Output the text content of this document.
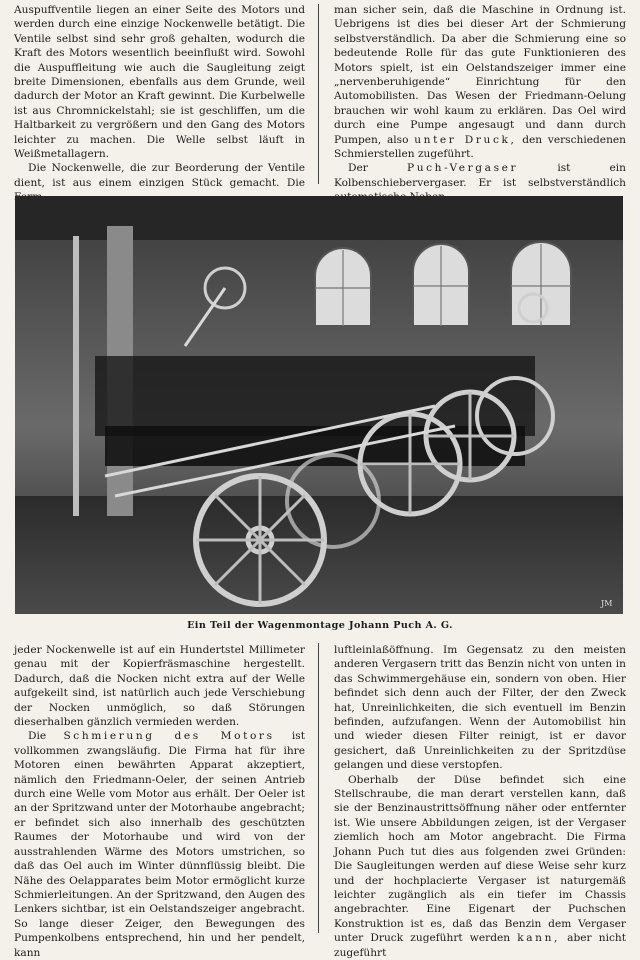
Auspuffventile liegen an einer Seite des Motors und werden durch eine einzige Nockenwelle betätigt. Die Ventile selbst sind sehr groß gehalten, wodurch die Kraft des Motors wesentlich beeinflußt wird. Sowohl die Auspuffleitung wie auch die Saugleitung zeigt breite Dimensionen, ebenfalls aus dem Grunde, weil dadurch der Motor an Kraft gewinnt. Die Kurbelwelle ist aus Chromnickelstahl; sie ist geschliffen, um die Haltbarkeit zu vergrößern und den Gang des Motors leichter zu machen. Die Welle selbst läuft in Weißmetallagern.

Die Nockenwelle, die zur Beorderung der Ventile dient, ist aus einem einzigen Stück gemacht. Die

man sicher sein, daß die Maschine in Ordnung ist. Uebrigens ist dies bei dieser Art der Schmierung selbstverständlich. Da aber die Schmierung eine so bedeutende Rolle für das gute Funktionieren des Motors spielt, ist ein Oelstandszeiger immer eine „nervenberuhigende“ Einrichtung für den Automobilisten. Das Wesen der Friedmann-Oelung brauchen wir wohl kaum zu erklären. Das Oel wird durch eine Pumpe angesaugt und dann durch Pumpen, also unter Druck, den verschiedenen Schmierstellen zugeführt.

Der	Puch-Vergaser	ist ein Kolbenschiebervergaser. Er ist selbstverständlich

JM
Ein Teil der Wagenmontage Johann Puch A. G.

jeder Nockenwelle ist auf ein Hundertstel Millimeter genau mit der Kopierfräsmaschine hergestellt. Dadurch, daß die Nocken nicht extra auf der Welle aufgekeilt sind, ist natürlich auch jede Verschiebung der Nocken unmöglich, so daß Störungen dieserhalben gänzlich vermieden werden.

Die Schmierung des Motors ist vollkommen zwangsläufig. Die Firma hat für ihre Motoren einen bewährten Apparat akzeptiert, nämlich den Friedmann-Oeler, der seinen Antrieb durch eine Welle vom Motor aus erhält. Der Oeler ist an der Spritzwand unter der Motorhaube angebracht; er befindet sich also innerhalb des geschützten Raumes der Motorhaube und wird von der ausstrahlenden Wärme des Motors umstrichen, so daß das Oel auch im Winter dünnflüssig bleibt. Die Nähe des Oelapparates beim Motor ermöglicht kurze Schmierleitungen. An der Spritzwand, den Augen des Lenkers sichtbar, ist ein Oelstandszeiger angebracht. So lange dieser Zeiger, den Bewegungen des Pumpenkolbens entsprechend, hin und her pendelt, kann

luftleinlaßöffnung. Im Gegensatz zu den meisten anderen Vergasern tritt das Benzin nicht von unten in das Schwimmergehäuse ein, sondern von oben. Hier befindet sich denn auch der Filter, der den Zweck hat, Unreinlichkeiten, die sich eventuell im Benzin befinden, aufzufangen. Wenn der Automobilist hin und wieder diesen Filter reinigt, ist er davor gesichert, daß Unreinlichkeiten zu der Spritzdüse gelangen und diese verstopfen.

Oberhalb der Düse befindet sich eine Stellschraube, die man derart verstellen kann, daß sie der Benzinaustrittsöffnung näher oder entfernter ist. Wie unsere Abbildungen zeigen, ist der Vergaser ziemlich hoch am Motor angebracht. Die Firma Johann Puch tut dies aus folgenden zwei Gründen: Die Saugleitungen werden auf diese Weise sehr kurz und der hochplacierte Vergaser ist naturgemäß leichter zugänglich als ein tiefer im Chassis angebrachter. Eine Eigenart der Puchschen Konstruktion ist es, daß das Benzin dem Vergaser unter Druck zugeführt werden kann, aber nicht zugeführt
